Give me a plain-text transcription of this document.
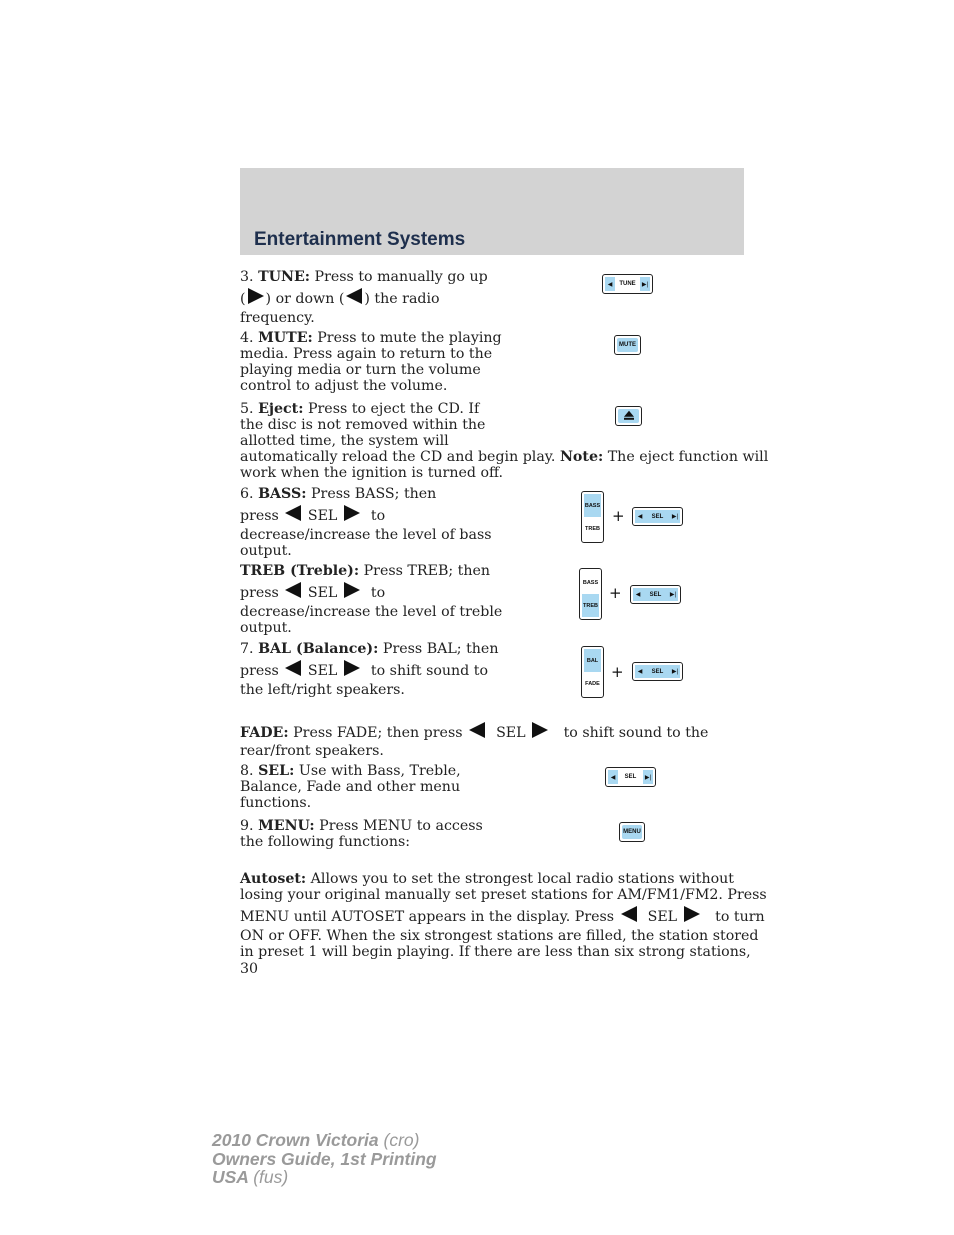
Entertainment Systems
3. TUNE: Press to manually go up
( ) or down ( ) the radio
frequency.
◀	TUNE	▶|
4. MUTE: Press to mute the playing
media. Press again to return to the
playing media or turn the volume
control to adjust the volume.
MUTE
5. Eject: Press to eject the CD. If
the disc is not removed within the
allotted time, the system will
automatically reload the CD and begin play. Note: The eject function will
work when the ignition is turned off.
6. BASS: Press BASS; then
press SEL to
decrease/increase the level of bass
output.
BASS
TREB
+	◀	SEL	▶|
TREB (Treble): Press TREB; then
press SEL to
decrease/increase the level of treble
output.
BASS
TREB
+	◀	SEL	▶|
7. BAL (Balance): Press BAL; then
press SEL to shift sound to
the left/right speakers.
BAL
FADE
+	◀	SEL	▶|
FADE: Press FADE; then press SEL	to shift sound to the
rear/front speakers.
8. SEL: Use with Bass, Treble,
Balance, Fade and other menu
functions.
◀	SEL	▶|
9. MENU: Press MENU to access
the following functions:
MENU
Autoset: Allows you to set the strongest local radio stations without
losing your original manually set preset stations for AM/FM1/FM2. Press
MENU until AUTOSET appears in the display. Press SEL	to turn
ON or OFF. When the six strongest stations are filled, the station stored
in preset 1 will begin playing. If there are less than six strong stations,
30
2010 Crown Victoria (cro)
Owners Guide, 1st Printing
USA (fus)
